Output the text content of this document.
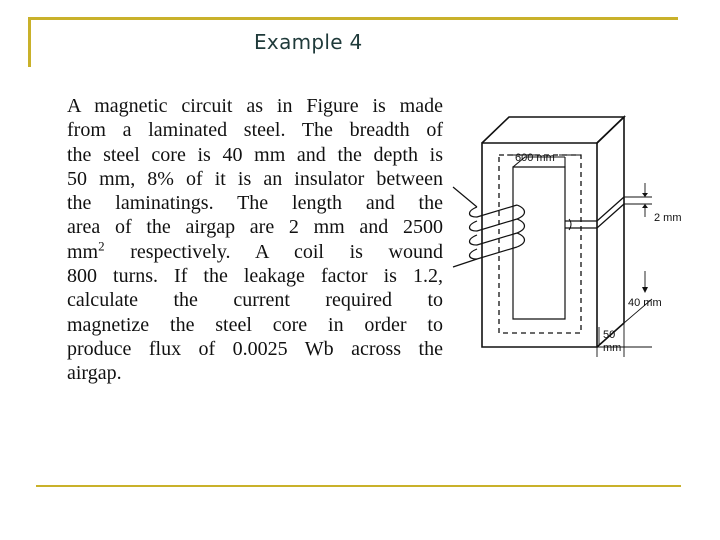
Example 4
A magnetic circuit as in Figure is made
from a laminated steel. The breadth of
the steel core is 40 mm and the depth is
50 mm, 8% of it is an insulator between
the laminatings. The length and the
area of the airgap are 2 mm and 2500
$mm^2$ respectively. A coil is wound
800 turns. If the leakage factor is 1.2,
calculate the current required to
magnetize the steel core in order to
produce flux of 0.0025 Wb across the
airgap.
600 mm
2 mm
40 mm
50
mm
